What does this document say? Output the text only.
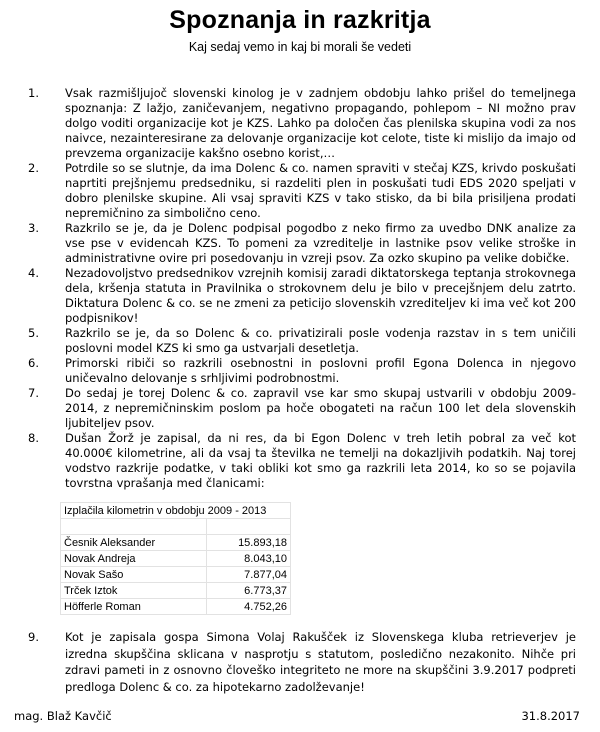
Spoznanja in razkritja
Kaj sedaj vemo in kaj bi morali še vedeti
1. Vsak razmišljujoč slovenski kinolog je v zadnjem obdobju lahko prišel do temeljnega spoznanja: Z lažjo, zaničevanjem, negativno propagando, pohlepom – NI možno prav dolgo voditi organizacije kot je KZS. Lahko pa določen čas plenilska skupina vodi za nos naivce, nezainteresirane za delovanje organizacije kot celote, tiste ki mislijo da imajo od prevzema organizacije kakšno osebno korist,…
2. Potrdile so se slutnje, da ima Dolenc & co. namen spraviti v stečaj KZS, krivdo poskušati naprtiti prejšnjemu predsedniku, si razdeliti plen in poskušati tudi EDS 2020 speljati v dobro plenilske skupine. Ali vsaj spraviti KZS v tako stisko, da bi bila prisiljena prodati nepremičnino za simbolično ceno.
3. Razkrilo se je, da je Dolenc podpisal pogodbo z neko firmo za uvedbo DNK analize za vse pse v evidencah KZS. To pomeni za vzreditelje in lastnike psov velike stroške in administrativne ovire pri posedovanju in vzreji psov. Za ozko skupino pa velike dobičke.
4. Nezadovoljstvo predsednikov vzrejnih komisij zaradi diktatorskega teptanja strokovnega dela, kršenja statuta in Pravilnika o strokovnem delu je bilo v precejšnjem delu zatrto. Diktatura Dolenc & co. se ne zmeni za peticijo slovenskih vzrediteljev ki ima več kot 200 podpisnikov!
5. Razkrilo se je, da so Dolenc & co. privatizirali posle vodenja razstav in s tem uničili poslovni model KZS ki smo ga ustvarjali desetletja.
6. Primorski ribiči so razkrili osebnostni in poslovni profil Egona Dolenca in njegovo uničevalno delovanje s srhljivimi podrobnostmi.
7. Do sedaj je torej Dolenc & co. zapravil vse kar smo skupaj ustvarili v obdobju 2009-2014, z nepremičninskim poslom pa hoče obogateti na račun 100 let dela slovenskih ljubiteljev psov.
8. Dušan Žorž je zapisal, da ni res, da bi Egon Dolenc v treh letih pobral za več kot 40.000€ kilometrine, ali da vsaj ta številka ne temelji na dokazljivih podatkih. Naj torej vodstvo razkrije podatke, v taki obliki kot smo ga razkrili leta 2014, ko so se pojavila tovrstna vprašanja med članicami:
Izplačila kilometrin v obdobju 2009 - 2013	

Česnik Aleksander	15.893,18
Novak Andreja	8.043,10
Novak Sašo	7.877,04
Trček Iztok	6.773,37
Höfferle Roman	4.752,26
9. Kot je zapisala gospa Simona Volaj Rakušček iz Slovenskega kluba retrieverjev je izredna skupščina sklicana v nasprotju s statutom, posledično nezakonito. Nihče pri zdravi pameti in z osnovno človeško integriteto ne more na skupščini 3.9.2017 podpreti predloga Dolenc & co. za hipotekarno zadolževanje!
mag. Blaž Kavčič	31.8.2017
